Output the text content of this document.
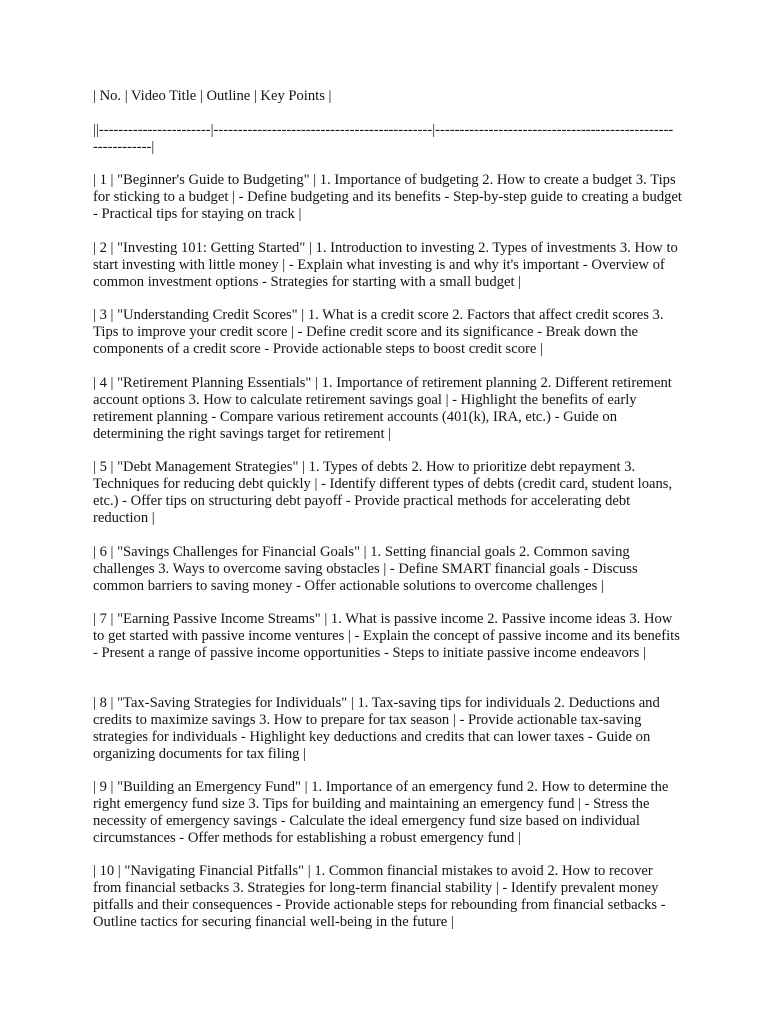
| No. | Video Title | Outline | Key Points |

||-----------------------|---------------------------------------------|-------------------------------------------------------------|

| 1 | "Beginner's Guide to Budgeting" | 1. Importance of budgeting 2. How to create a budget 3. Tips for sticking to a budget | - Define budgeting and its benefits - Step-by-step guide to creating a budget - Practical tips for staying on track |

| 2 | "Investing 101: Getting Started" | 1. Introduction to investing 2. Types of investments 3. How to start investing with little money | - Explain what investing is and why it's important - Overview of common investment options - Strategies for starting with a small budget |

| 3 | "Understanding Credit Scores" | 1. What is a credit score 2. Factors that affect credit scores 3. Tips to improve your credit score | - Define credit score and its significance - Break down the components of a credit score - Provide actionable steps to boost credit score |

| 4 | "Retirement Planning Essentials" | 1. Importance of retirement planning 2. Different retirement account options 3. How to calculate retirement savings goal | - Highlight the benefits of early retirement planning - Compare various retirement accounts (401(k), IRA, etc.) - Guide on determining the right savings target for retirement |

| 5 | "Debt Management Strategies" | 1. Types of debts 2. How to prioritize debt repayment 3. Techniques for reducing debt quickly | - Identify different types of debts (credit card, student loans, etc.) - Offer tips on structuring debt payoff - Provide practical methods for accelerating debt reduction |

| 6 | "Savings Challenges for Financial Goals" | 1. Setting financial goals 2. Common saving challenges 3. Ways to overcome saving obstacles | - Define SMART financial goals - Discuss common barriers to saving money - Offer actionable solutions to overcome challenges |

| 7 | "Earning Passive Income Streams" | 1. What is passive income 2. Passive income ideas 3. How to get started with passive income ventures | - Explain the concept of passive income and its benefits - Present a range of passive income opportunities - Steps to initiate passive income endeavors |

| 8 | "Tax-Saving Strategies for Individuals" | 1. Tax-saving tips for individuals 2. Deductions and credits to maximize savings 3. How to prepare for tax season | - Provide actionable tax-saving strategies for individuals - Highlight key deductions and credits that can lower taxes - Guide on organizing documents for tax filing |

| 9 | "Building an Emergency Fund" | 1. Importance of an emergency fund 2. How to determine the right emergency fund size 3. Tips for building and maintaining an emergency fund | - Stress the necessity of emergency savings - Calculate the ideal emergency fund size based on individual circumstances - Offer methods for establishing a robust emergency fund |

| 10 | "Navigating Financial Pitfalls" | 1. Common financial mistakes to avoid 2. How to recover from financial setbacks 3. Strategies for long-term financial stability | - Identify prevalent money pitfalls and their consequences - Provide actionable steps for rebounding from financial setbacks - Outline tactics for securing financial well-being in the future |
